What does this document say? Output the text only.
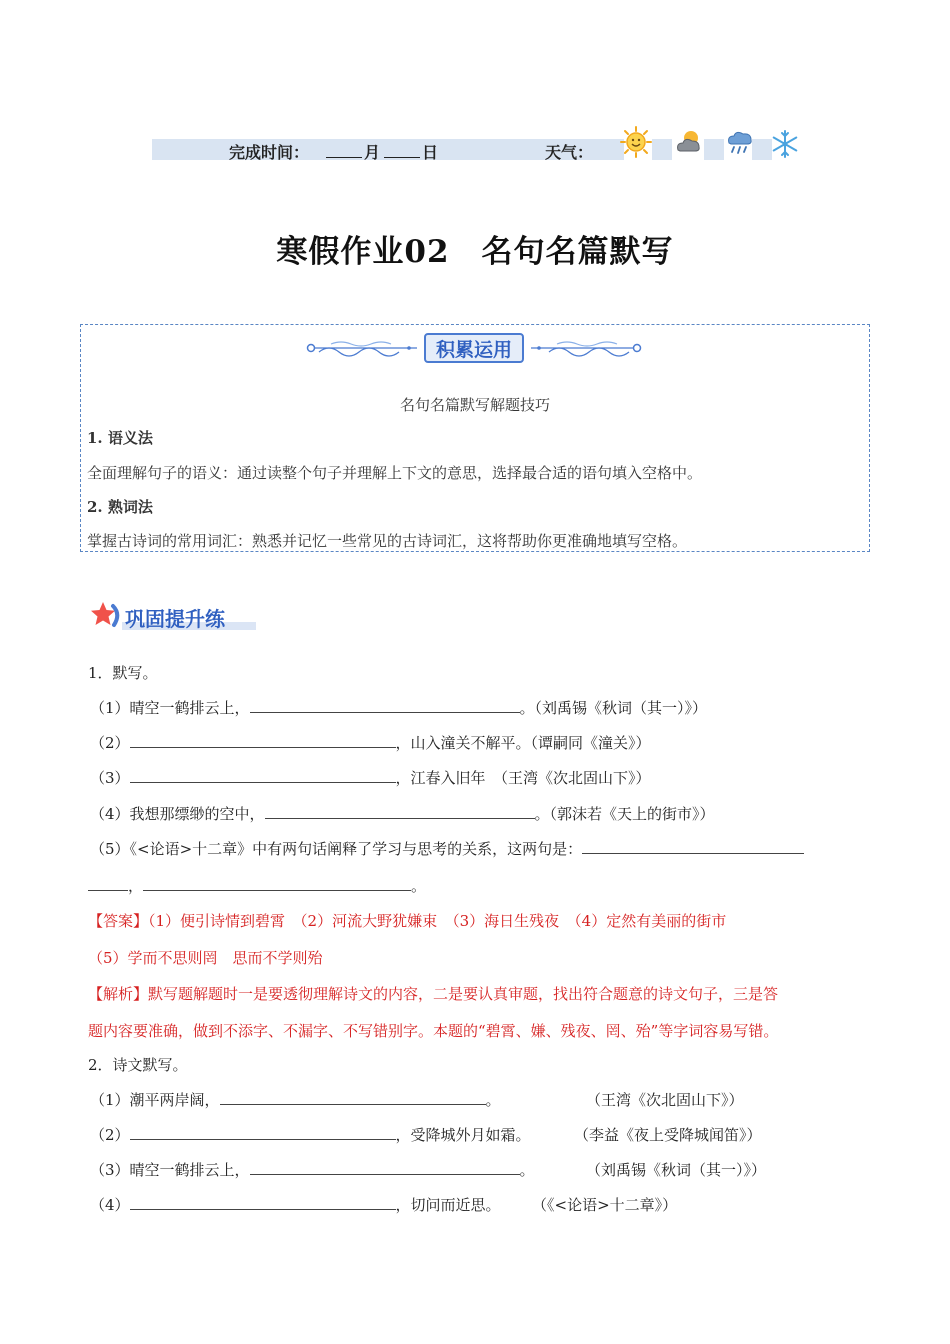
完成时间：	月	日	天气：
寒假作业02　名句名篇默写
积累运用
名句名篇默写解题技巧
1. 语义法
全面理解句子的语义：通过读整个句子并理解上下文的意思，选择最合适的语句填入空格中。
2. 熟词法
掌握古诗词的常用词汇：熟悉并记忆一些常见的古诗词汇，这将帮助你更准确地填写空格。
巩固提升练
1．默写。
（1）晴空一鹤排云上，	。（刘禹锡《秋词（其一）》）
（2）	，山入潼关不解平。（谭嗣同《潼关》）
（3）	，江春入旧年　（王湾《次北固山下》）
（4）我想那缥缈的空中，	。（郭沫若《天上的街市》）
（5）《<论语>十二章》中有两句话阐释了学习与思考的关系，这两句是：
，	。
【答案】（1）便引诗情到碧霄　（2）河流大野犹嫌束　（3）海日生残夜　（4）定然有美丽的街市
（5）学而不思则罔　思而不学则殆
【解析】默写题解题时一是要透彻理解诗文的内容，二是要认真审题，找出符合题意的诗文句子，三是答
题内容要准确，做到不添字、不漏字、不写错别字。本题的“碧霄、嫌、残夜、罔、殆”等字词容易写错。
2．诗文默写。
（1）潮平两岸阔，	。	（王湾《次北固山下》）
（2）	，受降城外月如霜。	（李益《夜上受降城闻笛》）
（3）晴空一鹤排云上，	。	（刘禹锡《秋词（其一）》）
（4）	，切问而近思。 （《<论语>十二章》）
